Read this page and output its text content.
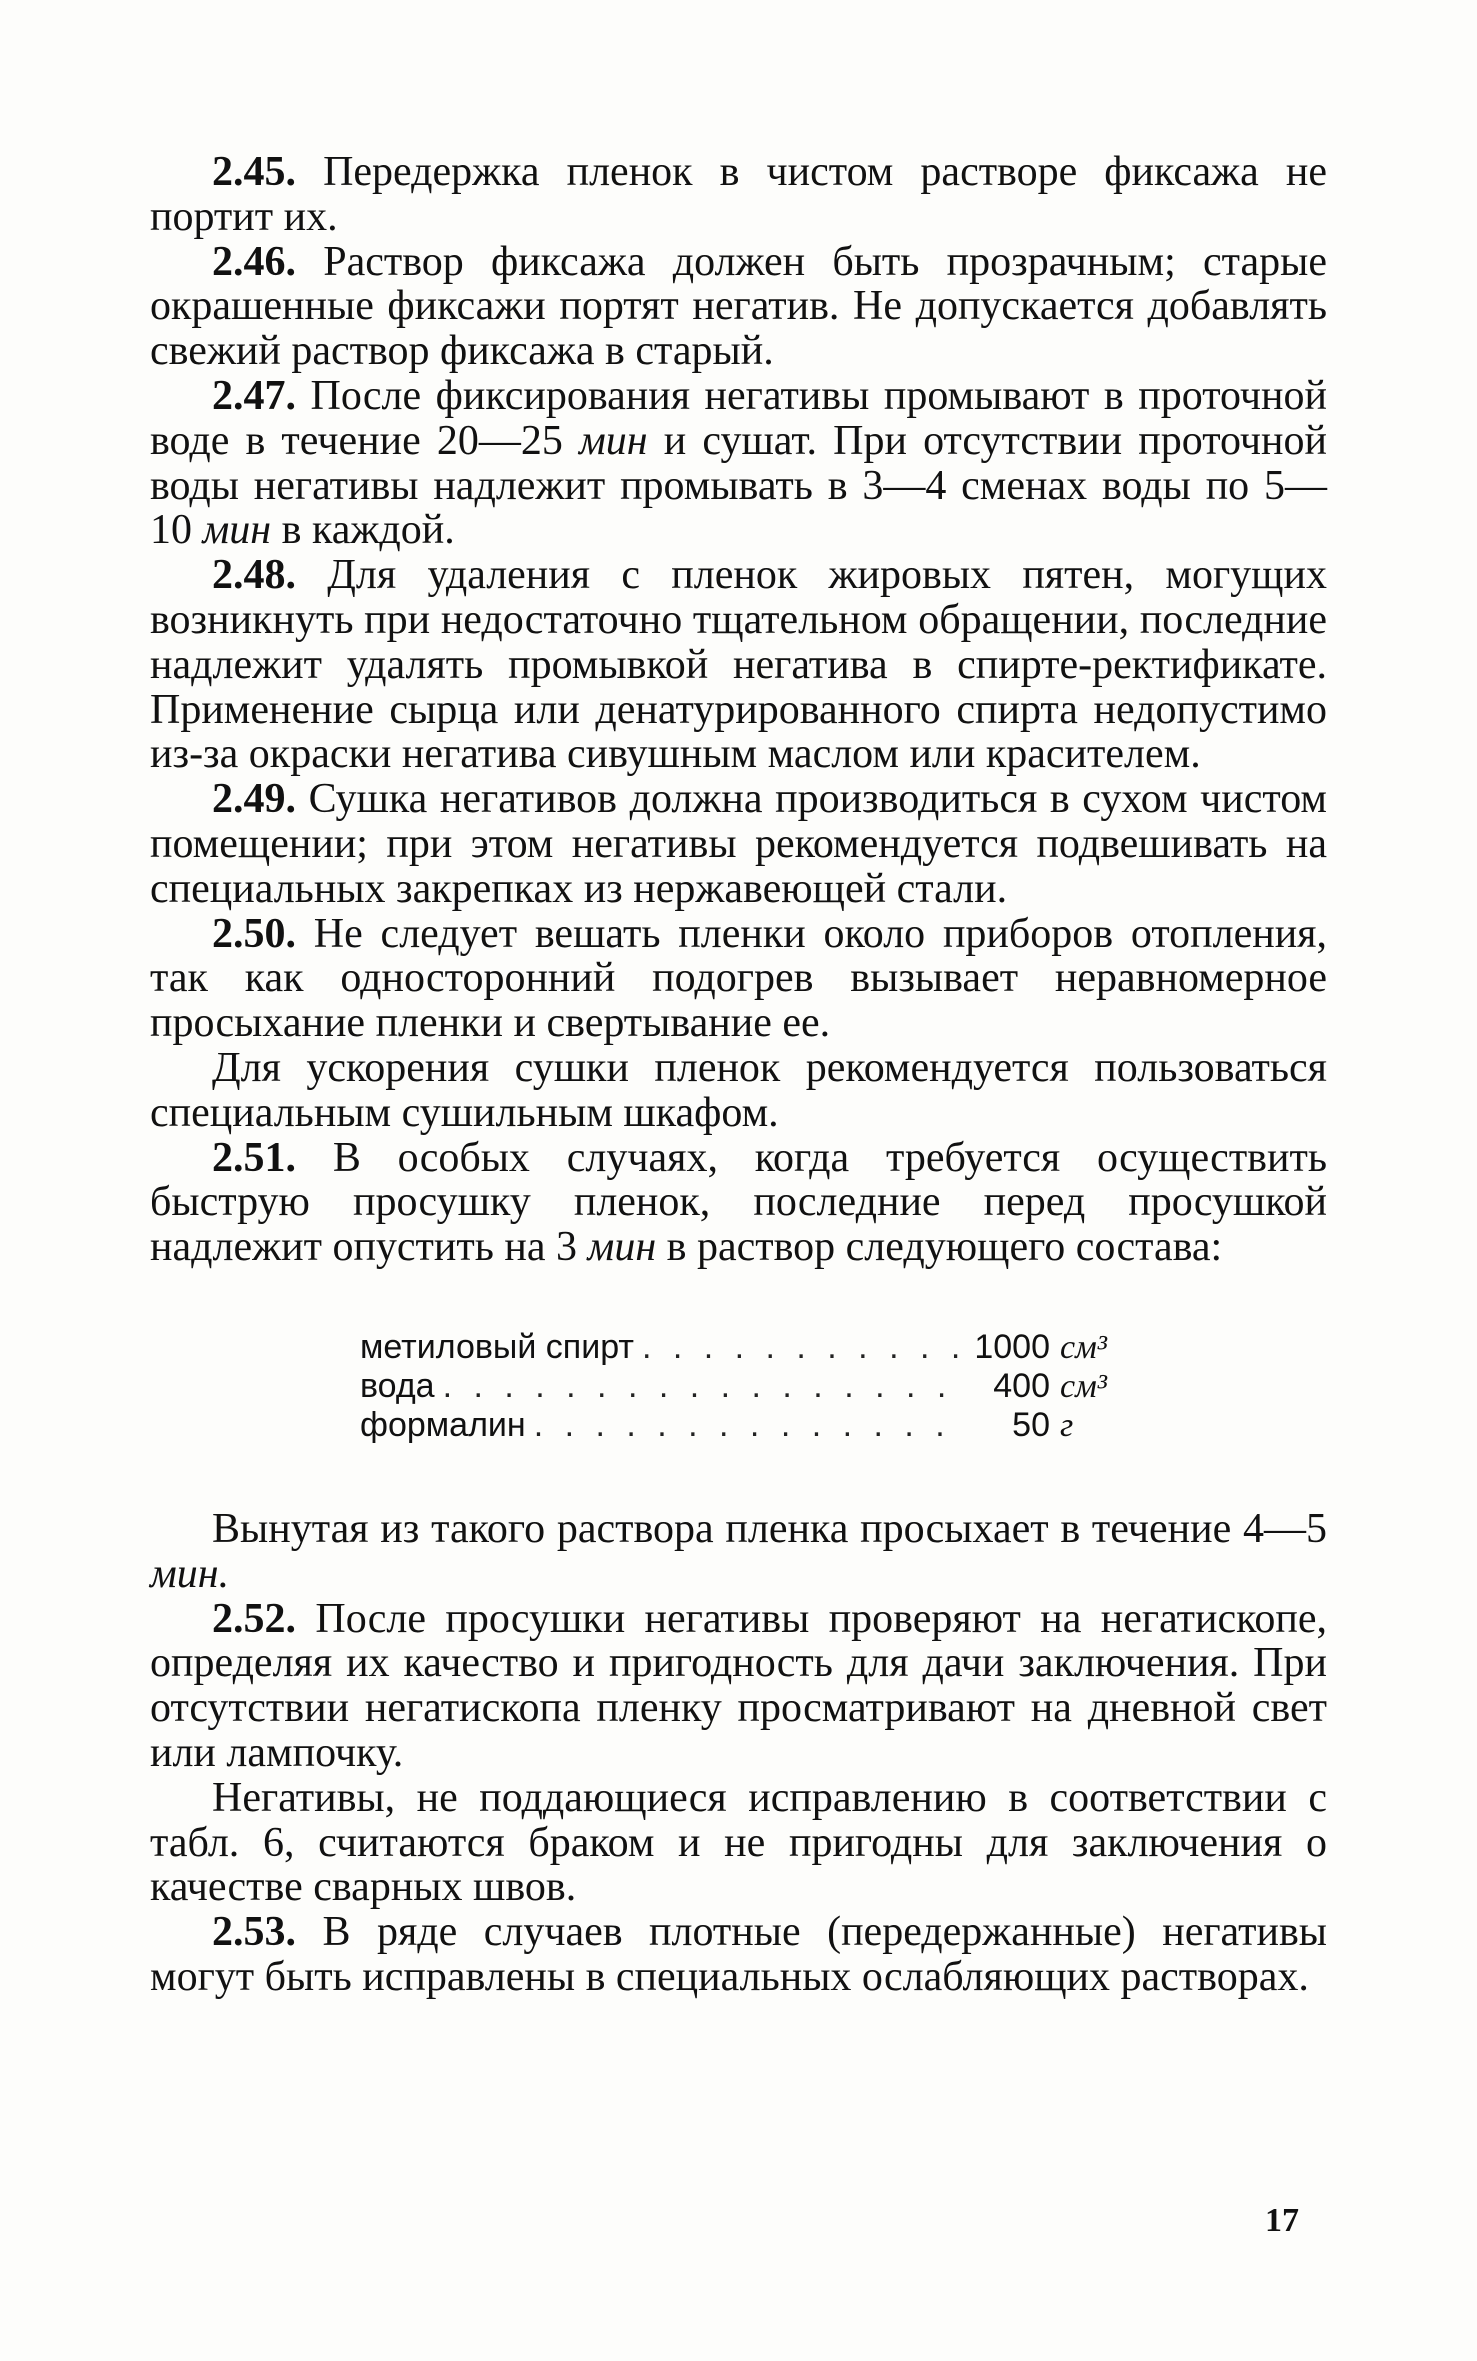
2.45. Передержка пленок в чистом растворе фиксажа не портит их.

2.46. Раствор фиксажа должен быть прозрачным; старые окрашенные фиксажи портят негатив. Не допускается добавлять свежий раствор фиксажа в старый.

2.47. После фиксирования негативы промывают в проточной воде в течение 20—25 мин и сушат. При отсутствии проточной воды негативы надлежит промывать в 3—4 сменах воды по 5—10 мин в каждой.

2.48. Для удаления с пленок жировых пятен, могущих возникнуть при недостаточно тщательном обращении, последние надлежит удалять промывкой негатива в спирте-ректификате. Применение сырца или денатурированного спирта недопустимо из-за окраски негатива сивушным маслом или красителем.

2.49. Сушка негативов должна производиться в сухом чистом помещении; при этом негативы рекомендуется подвешивать на специальных закрепках из нержавеющей стали.

2.50. Не следует вешать пленки около приборов отопления, так как односторонний подогрев вызывает неравномерное просыхание пленки и свертывание ее.

Для ускорения сушки пленок рекомендуется пользоваться специальным сушильным шкафом.

2.51. В особых случаях, когда требуется осуществить быструю просушку пленок, последние перед просушкой надлежит опустить на 3 мин в раствор следующего состава:

метиловый спирт . . .	1000 см³
вода . . .	400 см³
формалин . . .	50 г

Вынутая из такого раствора пленка просыхает в течение 4—5 мин.

2.52. После просушки негативы проверяют на негатископе, определяя их качество и пригодность для дачи заключения. При отсутствии негатископа пленку просматривают на дневной свет или лампочку.

Негативы, не поддающиеся исправлению в соответствии с табл. 6, считаются браком и не пригодны для заключения о качестве сварных швов.

2.53. В ряде случаев плотные (передержанные) негативы могут быть исправлены в специальных ослабляющих растворах.

17
